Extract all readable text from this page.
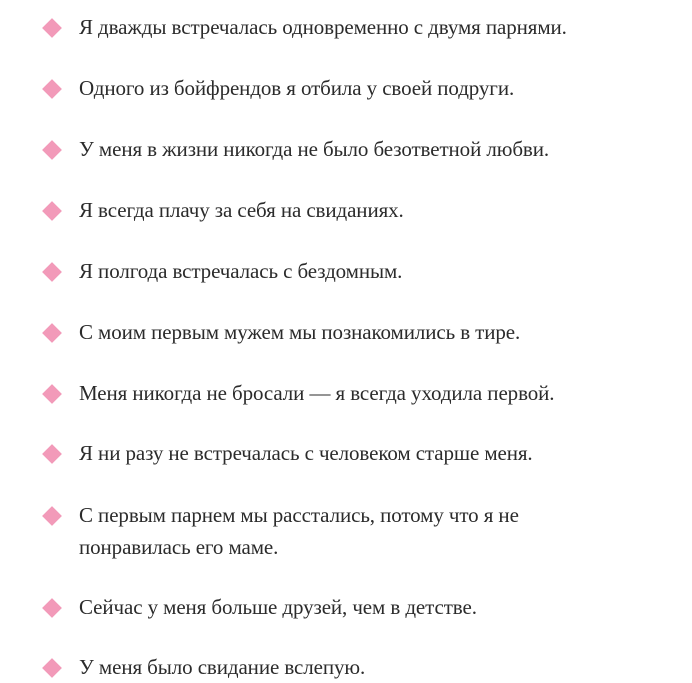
Я дважды встречалась одновременно с двумя парнями.
Одного из бойфрендов я отбила у своей подруги.
У меня в жизни никогда не было безответной любви.
Я всегда плачу за себя на свиданиях.
Я полгода встречалась с бездомным.
С моим первым мужем мы познакомились в тире.
Меня никогда не бросали — я всегда уходила первой.
Я ни разу не встречалась с человеком старше меня.
С первым парнем мы расстались, потому что я не понравилась его маме.
Сейчас у меня больше друзей, чем в детстве.
У меня было свидание вслепую.
